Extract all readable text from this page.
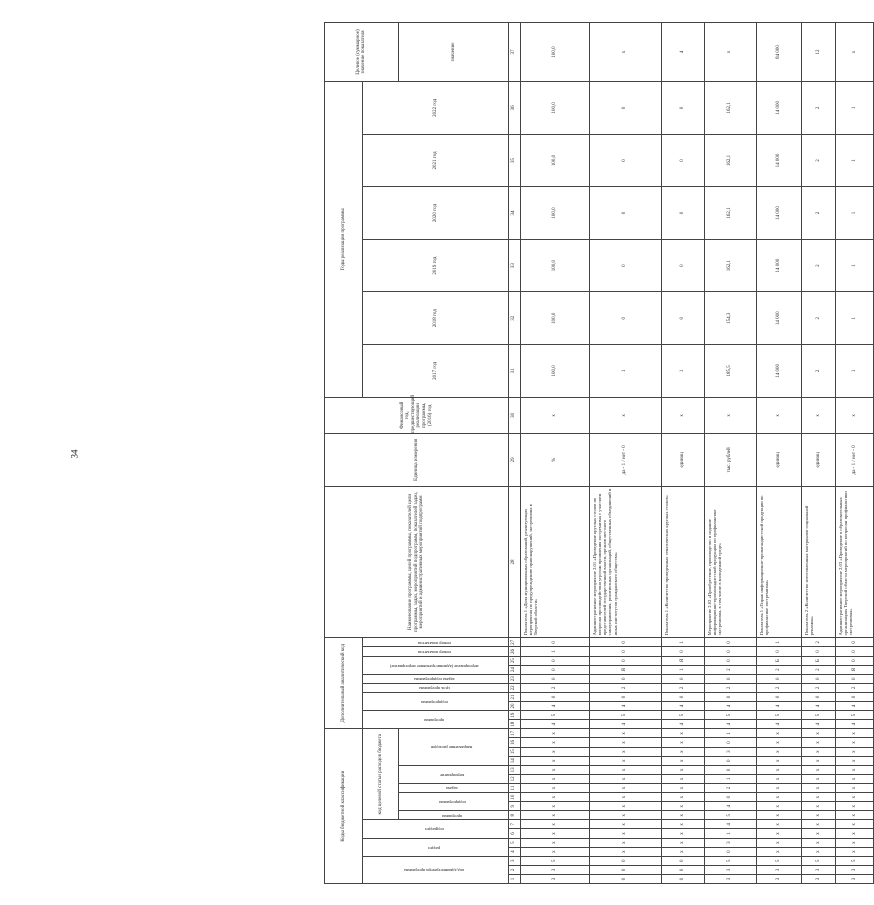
34
Коды бюджетной классификации																	Дополнительный аналитический код										Наименование программы, целей программы, показателей цели программы, задач, мероприятий подпрограмм, показателей задач, мероприятий и административных мероприятий подпрограмм	Единица измерения	Финансовый год, предшествующий реализации программы, (2016) год	Годы реализации программы						Целевое (суммарное) значение показателя
код администратора программы			раздел		подраздел		код целевой статьи расходов бюджета										программа		подпрограмма		цель программы	задача подпрограммы	мероприятие (административное мероприятие)		номер показателя	номер показателя				2017 год	2018 год	2019 год	2020 год	2021 год	2022 год	
							программа	подпрограмма		задача	мероприятие		направление расходов																							значение
1	2	3	4	5	6	7	8	9	10	11	12	13	14	15	16	17	18	19	20	21	22	23	24	25	26	27	28	29	30	31	32	33	34	35	36	37
3	3	5	х	х	х	х	х	х	х	х	х	х	х	х	х	х	4	5	4	0	2	0	0	0	1	0	Показатель 1 «Доля муниципальных образований, реализующих мероприятия по предупреждению правонарушений, экстремизма в Тверской области»	%	х	100,0	100,0	100,0	100,0	100,0	100,0	100,0
0	0	0	х	х	х	х	х	х	х	х	х	х	х	х	х	х	4	5	4	0	2	0	Я	0	0	0	Административное мероприятие 2.01 «Проведение круглых столов по вопросам противодействия угрозам проявления экстремизма с участием представителей государственной власти, органов местного самоуправления, религиозных организаций, общественных объединений и иных институтов гражданского общества»	да - 1 / нет - 0	х	1	0	0	0	0	0	х
0	0	0	х	х	х	х	х	х	х	х	х	х	х	х	х	х	4	5	4	0	2	0	1	Я	0	1	Показатель 1 «Количество проведенных тематических круглых столов»	единиц	х	1	0	0	0	0	0	4
3	3	5	0	3	1	4	5	4	0	2	1	0	0	3	0	1	4	5	4	0	2	0	2	0	0	0	Мероприятие 2.02 «Приобретение, производство и издание информационно-пропагандистской продукции по профилактике экстремизма, в том числе в молодежной среде»	тыс. рублей	х	185,5	154,3	162,1	162,1	162,1	162,1	х
3	3	5	х	х	х	х	х	х	х	х	х	х	х	х	х	х	4	5	4	0	2	0	2	Б	0	1	Показатель 1 «Тираж информационно-пропагандистской продукции по профилактике экстремизма»	единиц	х	14 000	14 000	14 000	14 000	14 000	14 000	84 000
3	3	5	х	х	х	х	х	х	х	х	х	х	х	х	х	х	4	5	4	0	2	0	2	Б	0	2	Показатель 2 «Количество изготовленных материалов социальной рекламы»	единиц	х	2	2	2	2	2	2	12
3	3	5	х	х	х	х	х	х	х	х	х	х	х	х	х	х	4	5	4	0	2	0	Я	0	0	0	Административное мероприятие 2.03 «Проведение в образовательных организациях Тверской области мероприятий по вопросам профилактики экстремизма»	да - 1 / нет - 0	х	1	1	1	1	1	1	х
